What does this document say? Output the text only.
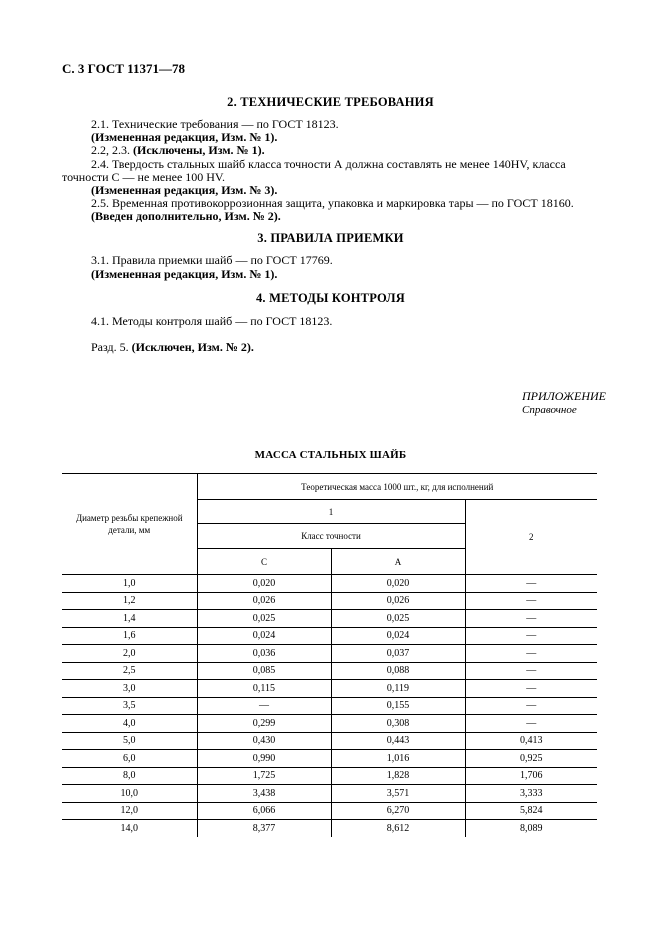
С. 3 ГОСТ 11371—78
2. ТЕХНИЧЕСКИЕ ТРЕБОВАНИЯ
2.1. Технические требования — по ГОСТ 18123.
(Измененная редакция, Изм. № 1).
2.2, 2.3. (Исключены, Изм. № 1).
2.4. Твердость стальных шайб класса точности А должна составлять не менее 140HV, класса
точности С — не менее 100 HV.
(Измененная редакция, Изм. № 3).
2.5. Временная противокоррозионная защита, упаковка и маркировка тары — по ГОСТ 18160.
(Введен дополнительно, Изм. № 2).
3. ПРАВИЛА ПРИЕМКИ
3.1. Правила приемки шайб — по ГОСТ 17769.
(Измененная редакция, Изм. № 1).
4. МЕТОДЫ КОНТРОЛЯ
4.1. Методы контроля шайб — по ГОСТ 18123.
Разд. 5. (Исключен, Изм. № 2).
ПРИЛОЖЕНИЕ
Справочное
МАССА СТАЛЬНЫХ ШАЙБ
Диаметр резьбы крепежной детали, мм	Теоретическая масса 1000 шт., кг, для исполнений		
	1		2
	Класс точности		
	С	А	
1,0	0,020	0,020	—
1,2	0,026	0,026	—
1,4	0,025	0,025	—
1,6	0,024	0,024	—
2,0	0,036	0,037	—
2,5	0,085	0,088	—
3,0	0,115	0,119	—
3,5	—	0,155	—
4,0	0,299	0,308	—
5,0	0,430	0,443	0,413
6,0	0,990	1,016	0,925
8,0	1,725	1,828	1,706
10,0	3,438	3,571	3,333
12,0	6,066	6,270	5,824
14,0	8,377	8,612	8,089
